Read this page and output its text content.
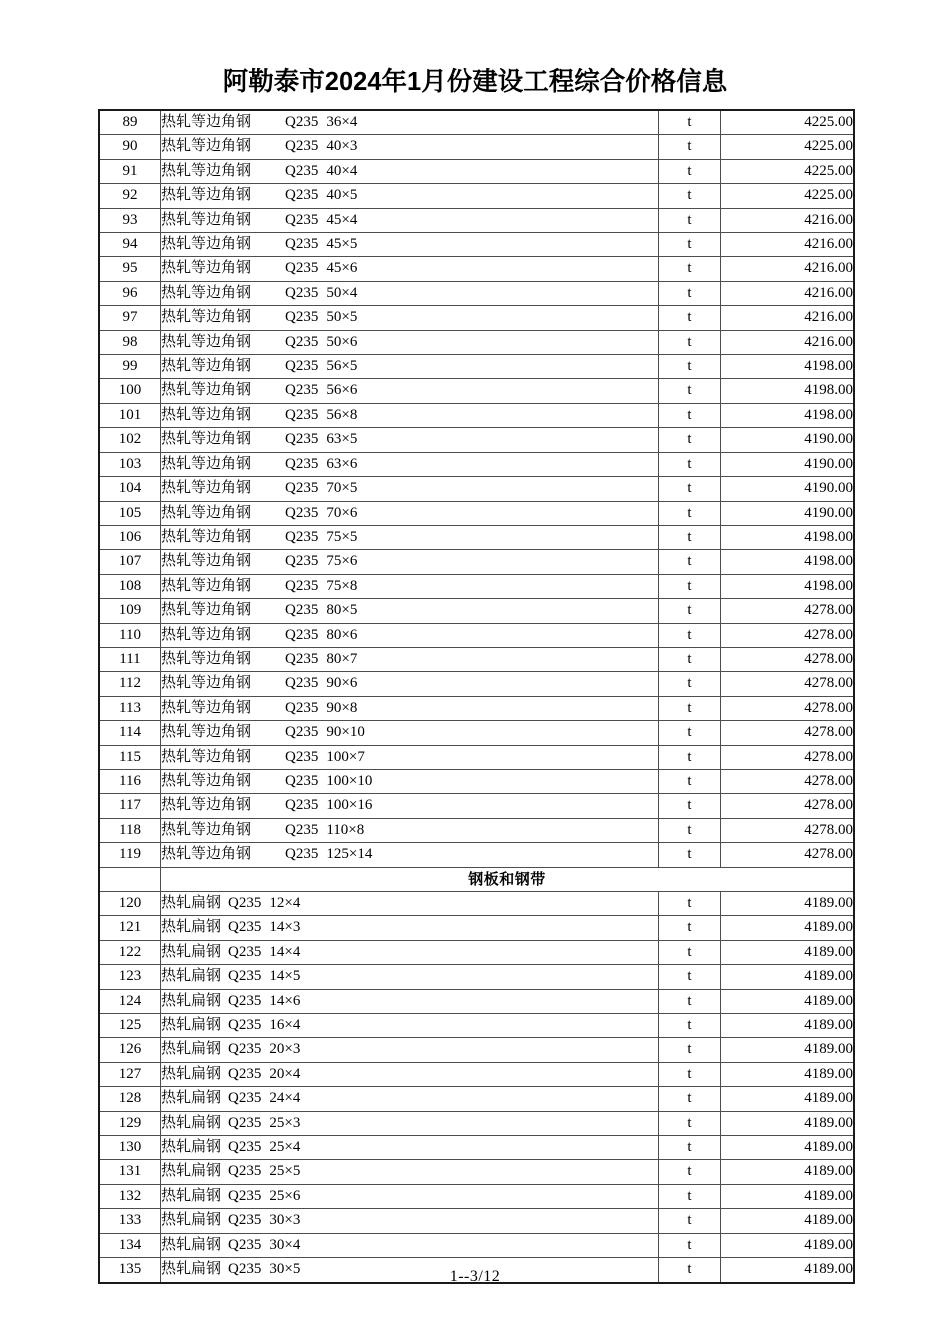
阿勒泰市2024年1月份建设工程综合价格信息
89	热轧等边角钢 Q235 36×4	t	4225.00
90	热轧等边角钢 Q235 40×3	t	4225.00
91	热轧等边角钢 Q235 40×4	t	4225.00
92	热轧等边角钢 Q235 40×5	t	4225.00
93	热轧等边角钢 Q235 45×4	t	4216.00
94	热轧等边角钢 Q235 45×5	t	4216.00
95	热轧等边角钢 Q235 45×6	t	4216.00
96	热轧等边角钢 Q235 50×4	t	4216.00
97	热轧等边角钢 Q235 50×5	t	4216.00
98	热轧等边角钢 Q235 50×6	t	4216.00
99	热轧等边角钢 Q235 56×5	t	4198.00
100	热轧等边角钢 Q235 56×6	t	4198.00
101	热轧等边角钢 Q235 56×8	t	4198.00
102	热轧等边角钢 Q235 63×5	t	4190.00
103	热轧等边角钢 Q235 63×6	t	4190.00
104	热轧等边角钢 Q235 70×5	t	4190.00
105	热轧等边角钢 Q235 70×6	t	4190.00
106	热轧等边角钢 Q235 75×5	t	4198.00
107	热轧等边角钢 Q235 75×6	t	4198.00
108	热轧等边角钢 Q235 75×8	t	4198.00
109	热轧等边角钢 Q235 80×5	t	4278.00
110	热轧等边角钢 Q235 80×6	t	4278.00
111	热轧等边角钢 Q235 80×7	t	4278.00
112	热轧等边角钢 Q235 90×6	t	4278.00
113	热轧等边角钢 Q235 90×8	t	4278.00
114	热轧等边角钢 Q235 90×10	t	4278.00
115	热轧等边角钢 Q235 100×7	t	4278.00
116	热轧等边角钢 Q235 100×10	t	4278.00
117	热轧等边角钢 Q235 100×16	t	4278.00
118	热轧等边角钢 Q235 110×8	t	4278.00
119	热轧等边角钢 Q235 125×14	t	4278.00
	钢板和钢带		
120	热轧扁钢 Q235 12×4	t	4189.00
121	热轧扁钢 Q235 14×3	t	4189.00
122	热轧扁钢 Q235 14×4	t	4189.00
123	热轧扁钢 Q235 14×5	t	4189.00
124	热轧扁钢 Q235 14×6	t	4189.00
125	热轧扁钢 Q235 16×4	t	4189.00
126	热轧扁钢 Q235 20×3	t	4189.00
127	热轧扁钢 Q235 20×4	t	4189.00
128	热轧扁钢 Q235 24×4	t	4189.00
129	热轧扁钢 Q235 25×3	t	4189.00
130	热轧扁钢 Q235 25×4	t	4189.00
131	热轧扁钢 Q235 25×5	t	4189.00
132	热轧扁钢 Q235 25×6	t	4189.00
133	热轧扁钢 Q235 30×3	t	4189.00
134	热轧扁钢 Q235 30×4	t	4189.00
135	热轧扁钢 Q235 30×5	t	4189.00
1--3/12
